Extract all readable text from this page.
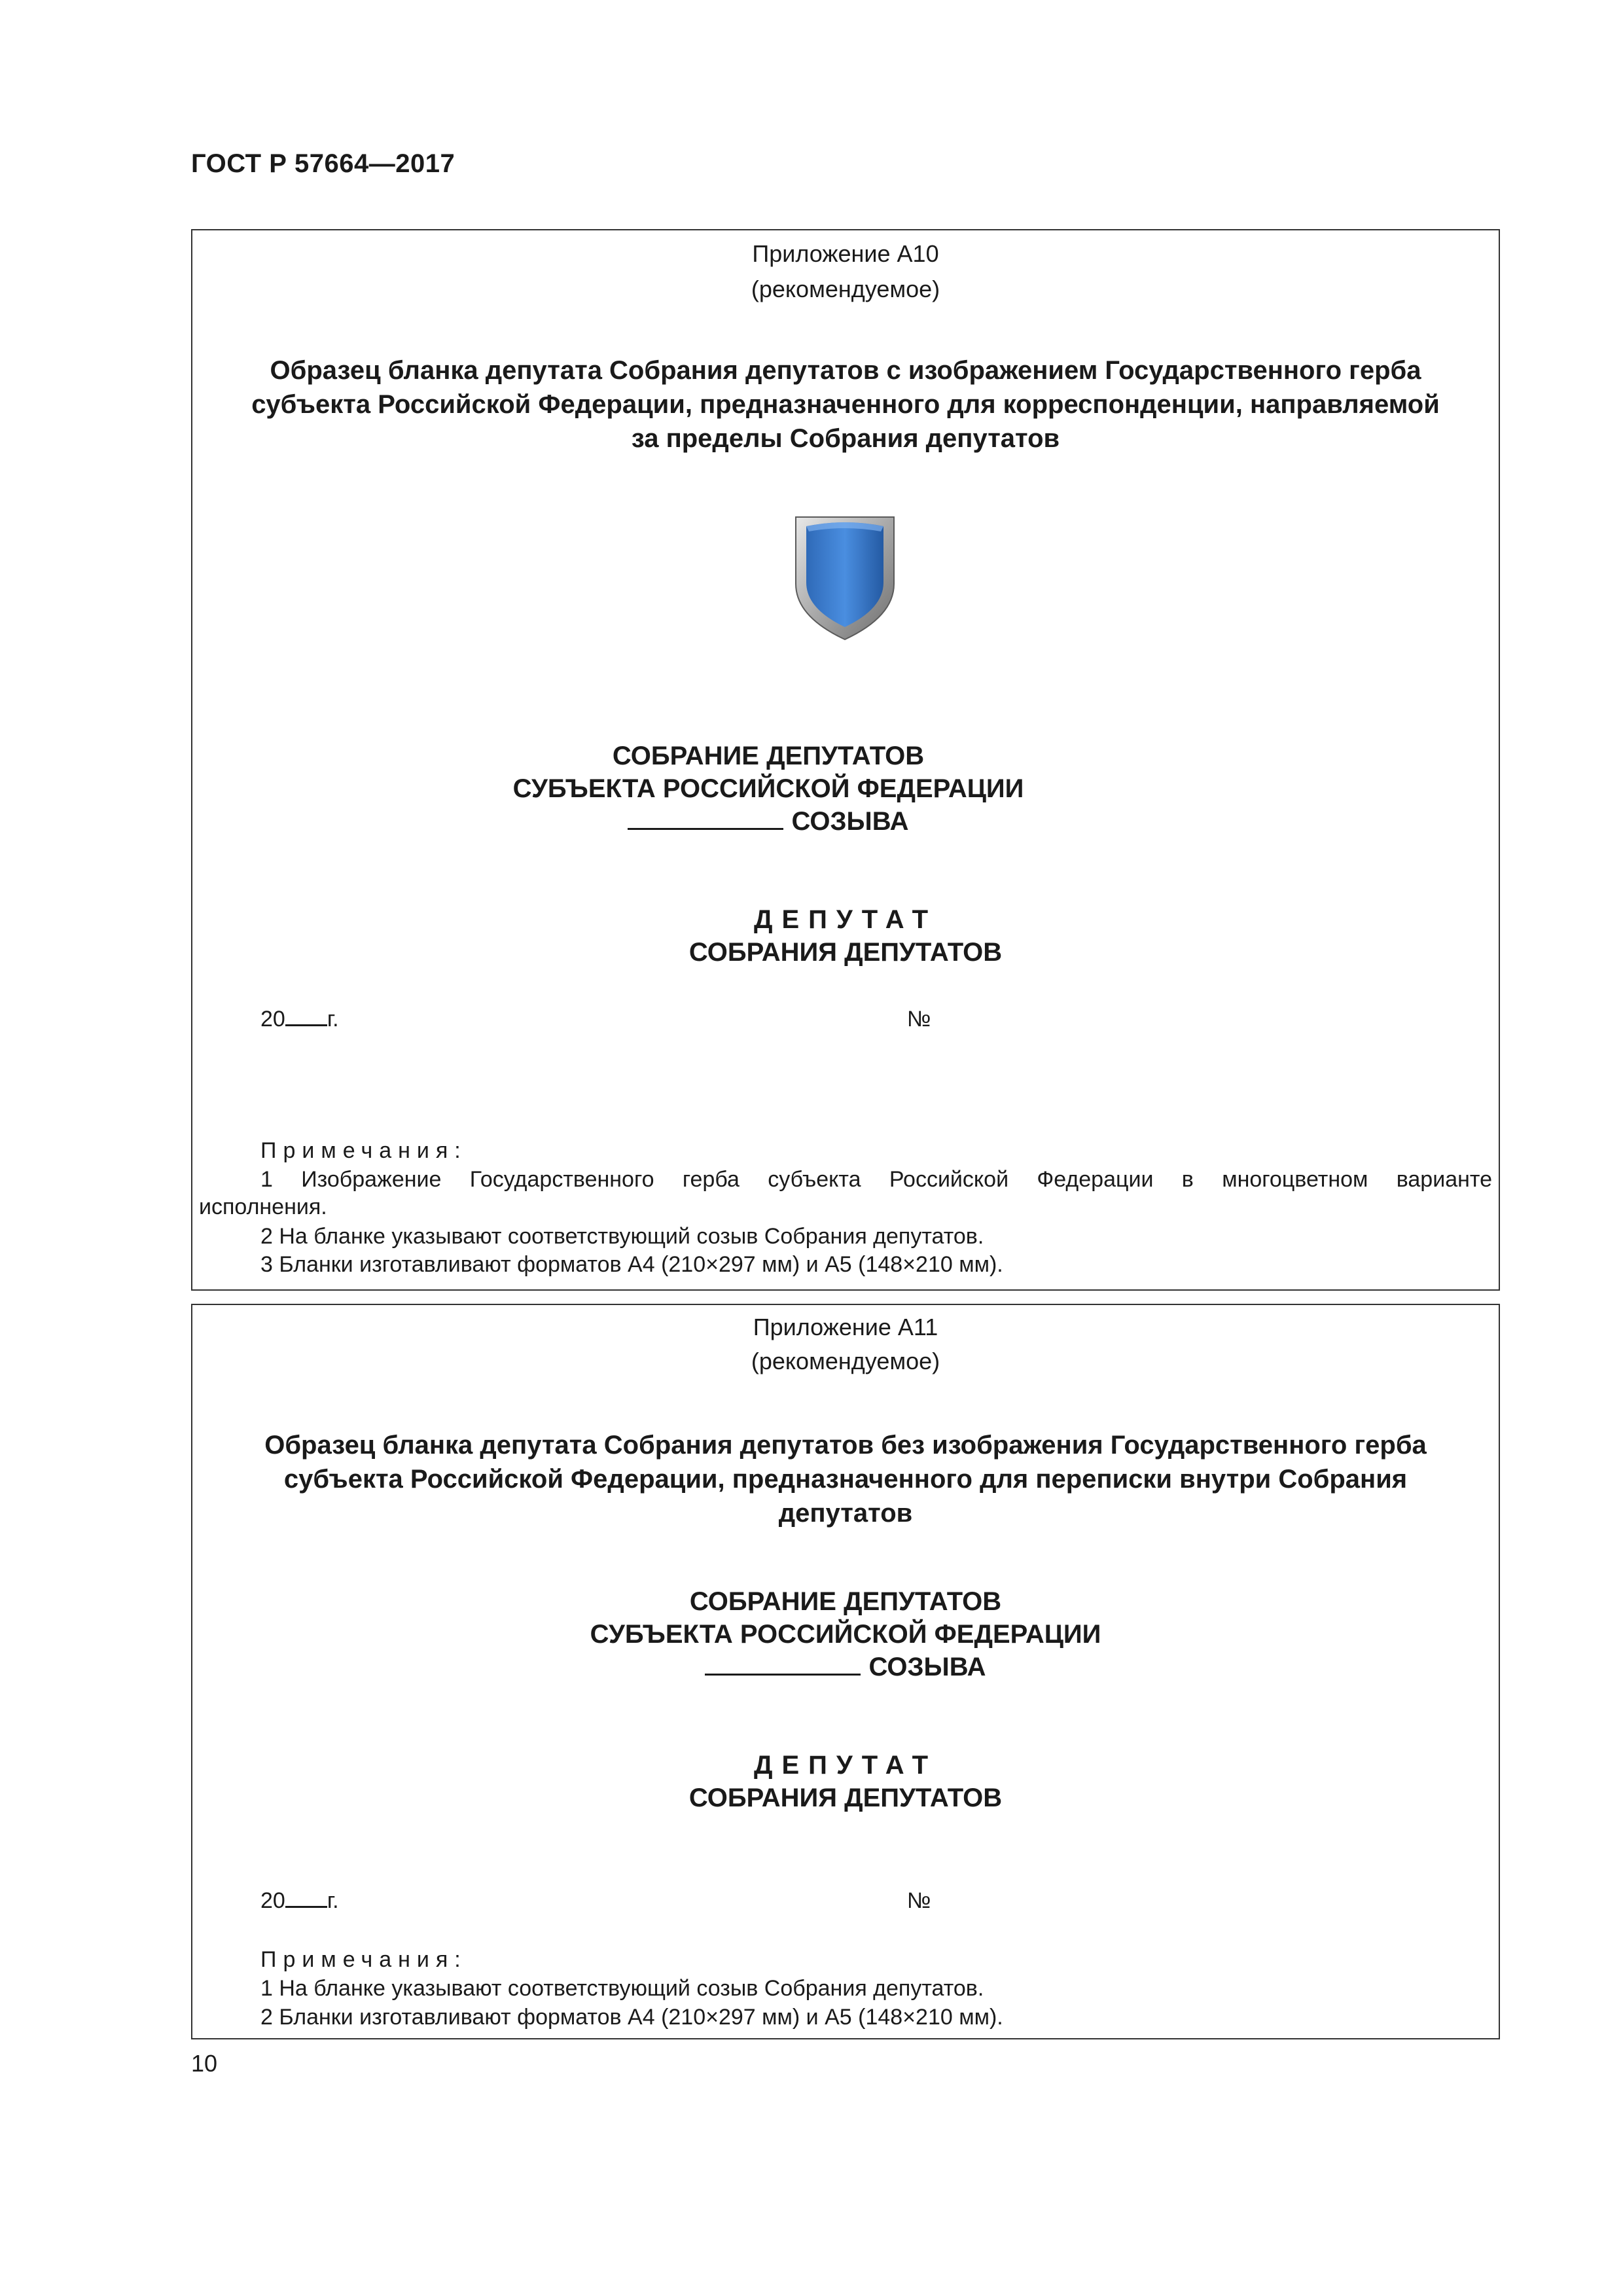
ГОСТ Р 57664—2017
Приложение А10
(рекомендуемое)
Образец бланка депутата Собрания депутатов с изображением Государственного герба
субъекта Российской Федерации, предназначенного для корреспонденции, направляемой
за пределы Собрания депутатов
СОБРАНИЕ ДЕПУТАТОВ
СУБЪЕКТА РОССИЙСКОЙ ФЕДЕРАЦИИ
СОЗЫВА
ДЕПУТАТ
СОБРАНИЯ ДЕПУТАТОВ
20 г.	№
Примечания:
1 Изображение Государственного герба субъекта Российской Федерации в многоцветном варианте
исполнения.
2 На бланке указывают соответствующий созыв Собрания депутатов.
3 Бланки изготавливают форматов А4 (210×297 мм) и А5 (148×210 мм).
Приложение А11
(рекомендуемое)
Образец бланка депутата Собрания депутатов без изображения Государственного герба
субъекта Российской Федерации, предназначенного для переписки внутри Собрания
депутатов
СОБРАНИЕ ДЕПУТАТОВ
СУБЪЕКТА РОССИЙСКОЙ ФЕДЕРАЦИИ
СОЗЫВА
ДЕПУТАТ
СОБРАНИЯ ДЕПУТАТОВ
20 г.	№
Примечания:
1 На бланке указывают соответствующий созыв Собрания депутатов.
2 Бланки изготавливают форматов А4 (210×297 мм) и А5 (148×210 мм).
10
